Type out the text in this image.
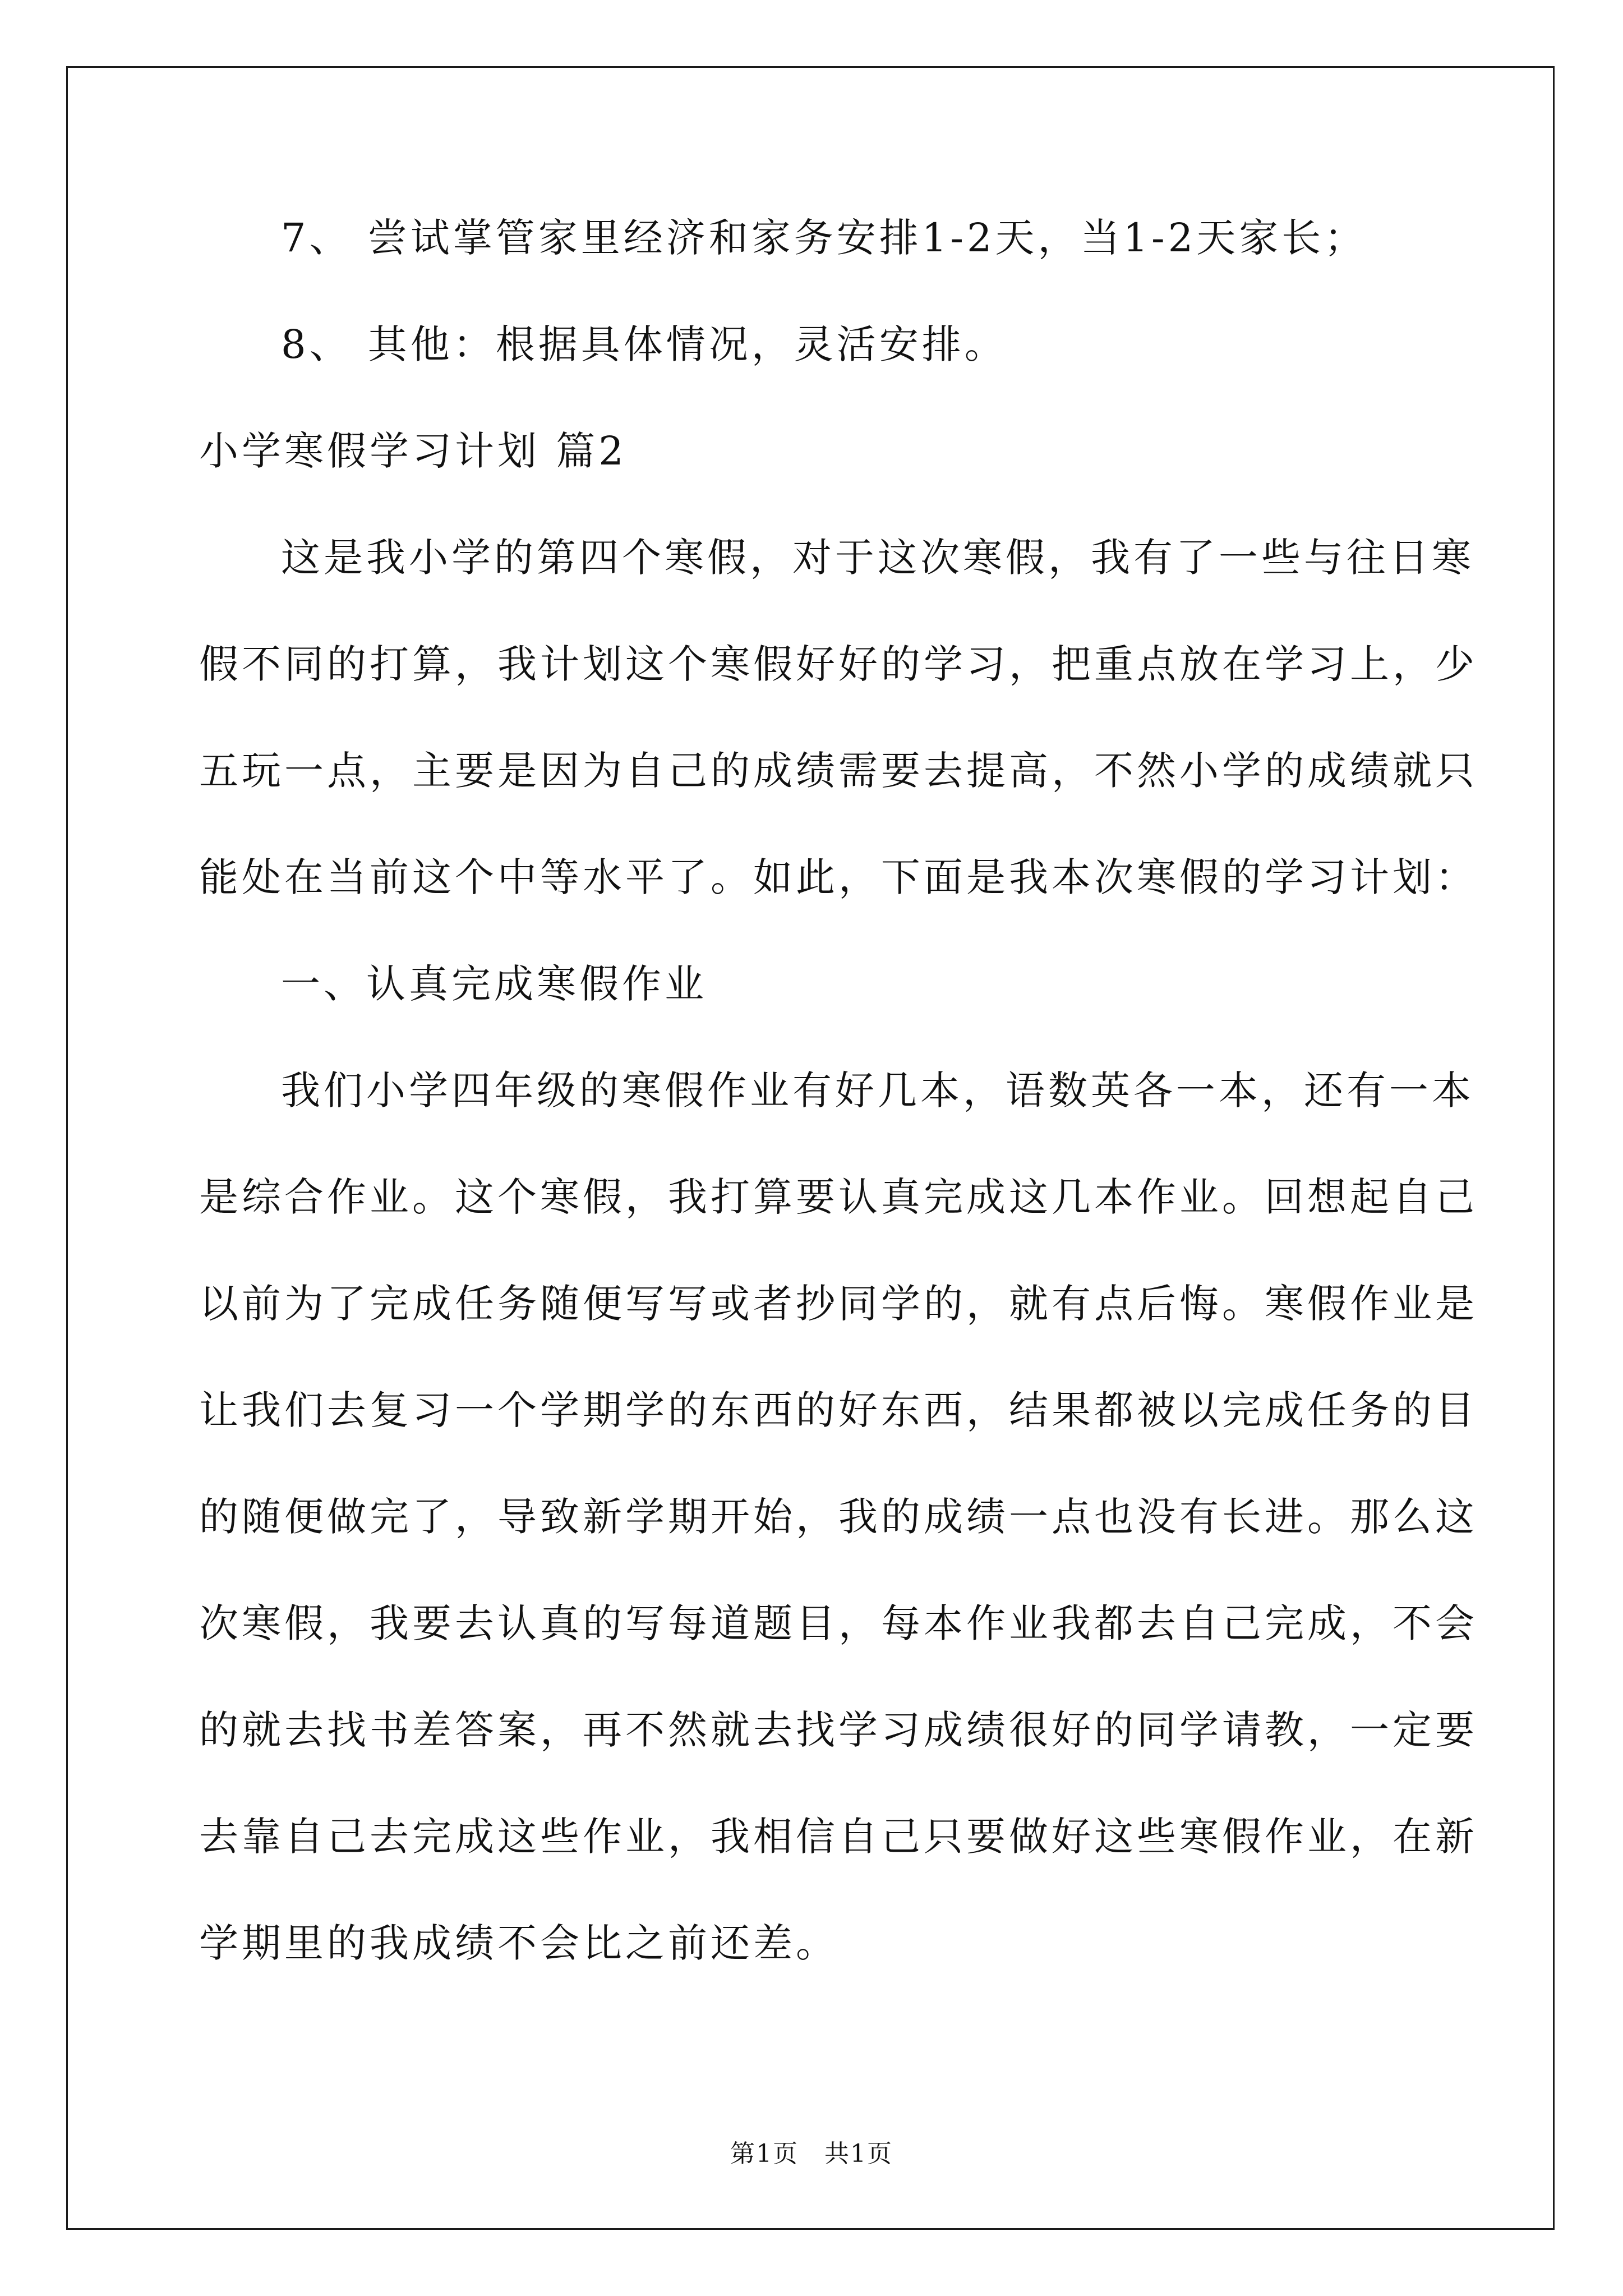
7、 尝试掌管家里经济和家务安排1-2天，当1-2天家长；
8、 其他：根据具体情况，灵活安排。
小学寒假学习计划 篇2
这是我小学的第四个寒假，对于这次寒假，我有了一些与往日寒
假不同的打算，我计划这个寒假好好的学习，把重点放在学习上，少
五玩一点，主要是因为自己的成绩需要去提高，不然小学的成绩就只
能处在当前这个中等水平了。如此，下面是我本次寒假的学习计划：
一、认真完成寒假作业
我们小学四年级的寒假作业有好几本，语数英各一本，还有一本
是综合作业。这个寒假，我打算要认真完成这几本作业。回想起自己
以前为了完成任务随便写写或者抄同学的，就有点后悔。寒假作业是
让我们去复习一个学期学的东西的好东西，结果都被以完成任务的目
的随便做完了，导致新学期开始，我的成绩一点也没有长进。那么这
次寒假，我要去认真的写每道题目，每本作业我都去自己完成，不会
的就去找书差答案，再不然就去找学习成绩很好的同学请教，一定要
去靠自己去完成这些作业，我相信自己只要做好这些寒假作业，在新
学期里的我成绩不会比之前还差。
第1页　共1页
